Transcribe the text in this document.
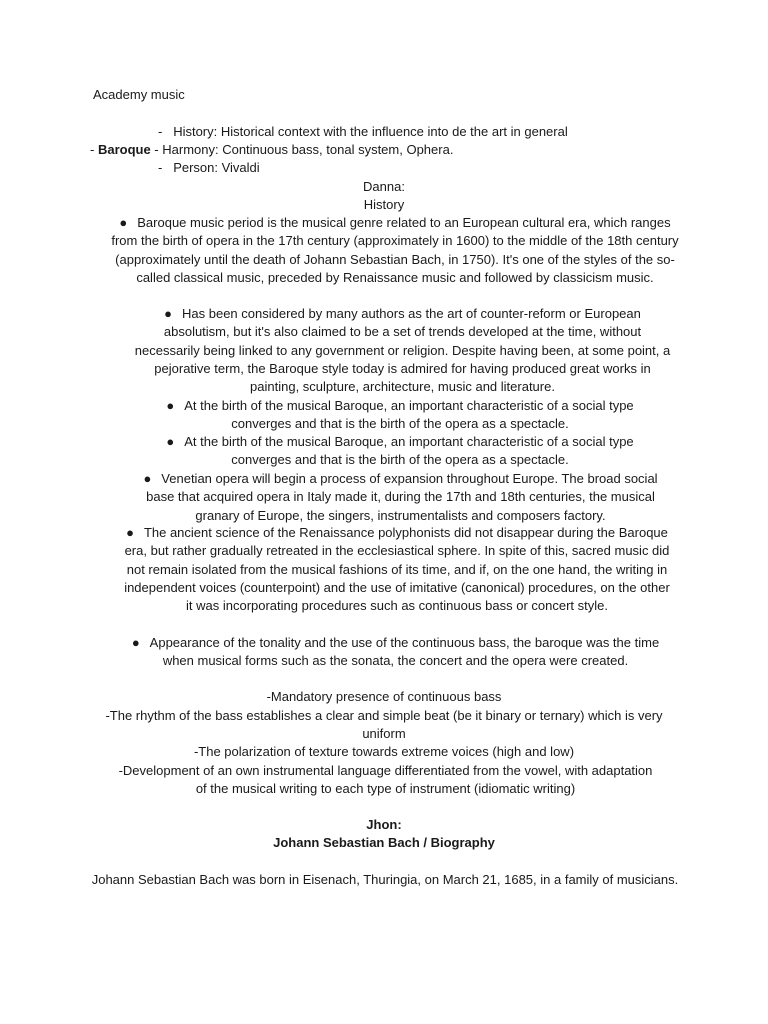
Academy music
- History: Historical context with the influence into de the art in general
- Baroque - Harmony: Continuous bass, tonal system, Ophera.
- Person: Vivaldi
Danna:
History
● Baroque music period is the musical genre related to an European cultural era, which ranges from the birth of opera in the 17th century (approximately in 1600) to the middle of the 18th century (approximately until the death of Johann Sebastian Bach, in 1750). It's one of the styles of the so-called classical music, preceded by Renaissance music and followed by classicism music.
● Has been considered by many authors as the art of counter-reform or European absolutism, but it's also claimed to be a set of trends developed at the time, without necessarily being linked to any government or religion. Despite having been, at some point, a pejorative term, the Baroque style today is admired for having produced great works in painting, sculpture, architecture, music and literature.
● At the birth of the musical Baroque, an important characteristic of a social type converges and that is the birth of the opera as a spectacle.
● At the birth of the musical Baroque, an important characteristic of a social type converges and that is the birth of the opera as a spectacle.
● Venetian opera will begin a process of expansion throughout Europe. The broad social base that acquired opera in Italy made it, during the 17th and 18th centuries, the musical granary of Europe, the singers, instrumentalists and composers factory.
● The ancient science of the Renaissance polyphonists did not disappear during the Baroque era, but rather gradually retreated in the ecclesiastical sphere. In spite of this, sacred music did not remain isolated from the musical fashions of its time, and if, on the one hand, the writing in independent voices (counterpoint) and the use of imitative (canonical) procedures, on the other it was incorporating procedures such as continuous bass or concert style.
● Appearance of the tonality and the use of the continuous bass, the baroque was the time when musical forms such as the sonata, the concert and the opera were created.
-Mandatory presence of continuous bass
-The rhythm of the bass establishes a clear and simple beat (be it binary or ternary) which is very uniform
-The polarization of texture towards extreme voices (high and low)
-Development of an own instrumental language differentiated from the vowel, with adaptation of the musical writing to each type of instrument (idiomatic writing)
Jhon:
Johann Sebastian Bach / Biography
Johann Sebastian Bach was born in Eisenach, Thuringia, on March 21, 1685, in a family of musicians.
